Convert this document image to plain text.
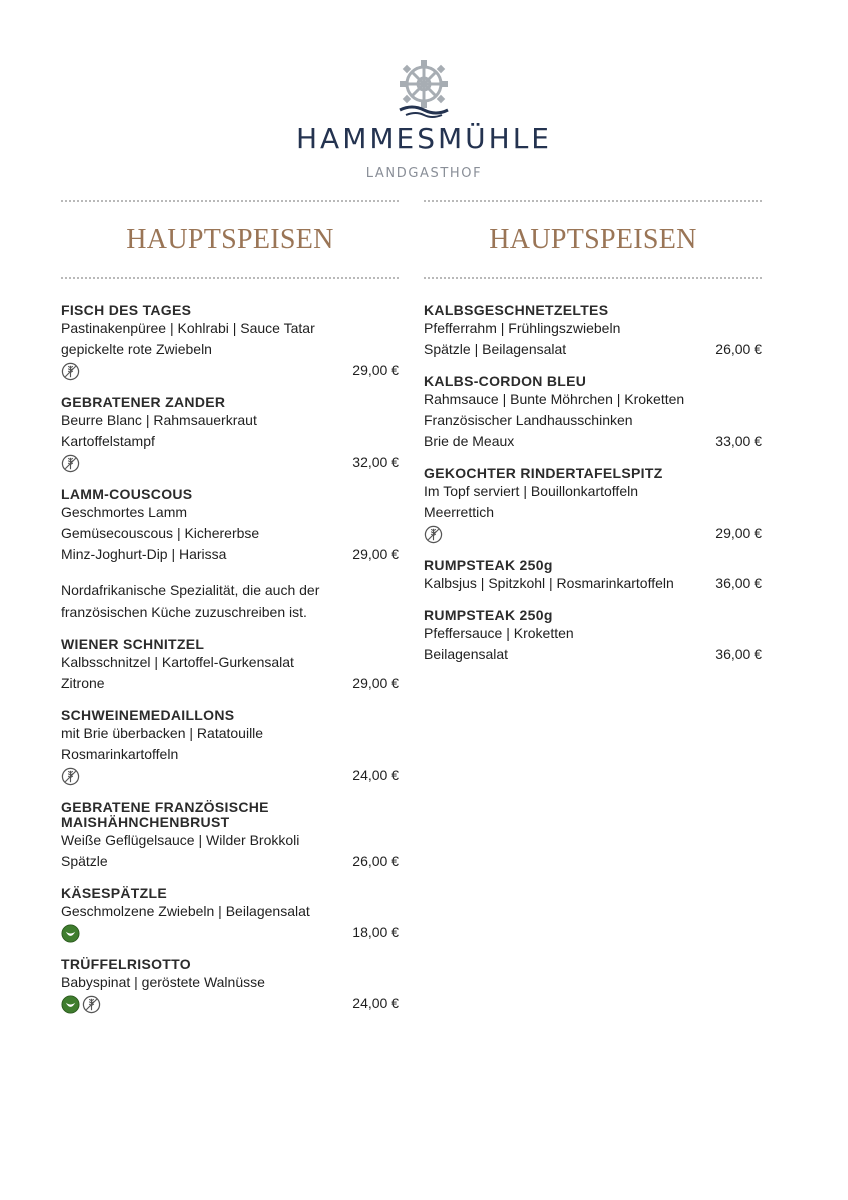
HAMMESMÜHLE
LANDGASTHOF
HAUPTSPEISEN
FISCH DES TAGES
Pastinakenpüree | Kohlrabi | Sauce Tatar
gepickelte rote Zwiebeln
29,00 €
GEBRATENER ZANDER
Beurre Blanc | Rahmsauerkraut
Kartoffelstampf
32,00 €
LAMM-COUSCOUS
Geschmortes Lamm
Gemüsecouscous | Kichererbse
Minz-Joghurt-Dip | Harissa	29,00 €
Nordafrikanische Spezialität, die auch der
französischen Küche zuzuschreiben ist.
WIENER SCHNITZEL
Kalbsschnitzel | Kartoffel-Gurkensalat
Zitrone	29,00 €
SCHWEINEMEDAILLONS
mit Brie überbacken | Ratatouille
Rosmarinkartoffeln
24,00 €
GEBRATENE FRANZÖSISCHE MAISHÄHNCHENBRUST
Weiße Geflügelsauce | Wilder Brokkoli
Spätzle	26,00 €
KÄSESPÄTZLE
Geschmolzene Zwiebeln | Beilagensalat
18,00 €
TRÜFFELRISOTTO
Babyspinat | geröstete Walnüsse
24,00 €
HAUPTSPEISEN
KALBSGESCHNETZELTES
Pfefferrahm | Frühlingszwiebeln
Spätzle | Beilagensalat	26,00 €
KALBS-CORDON BLEU
Rahmsauce | Bunte Möhrchen | Kroketten
Französischer Landhausschinken
Brie de Meaux	33,00 €
GEKOCHTER RINDERTAFELSPITZ
Im Topf serviert | Bouillonkartoffeln
Meerrettich
29,00 €
RUMPSTEAK 250g
Kalbsjus | Spitzkohl | Rosmarinkartoffeln	36,00 €
RUMPSTEAK 250g
Pfeffersauce | Kroketten
Beilagensalat	36,00 €
